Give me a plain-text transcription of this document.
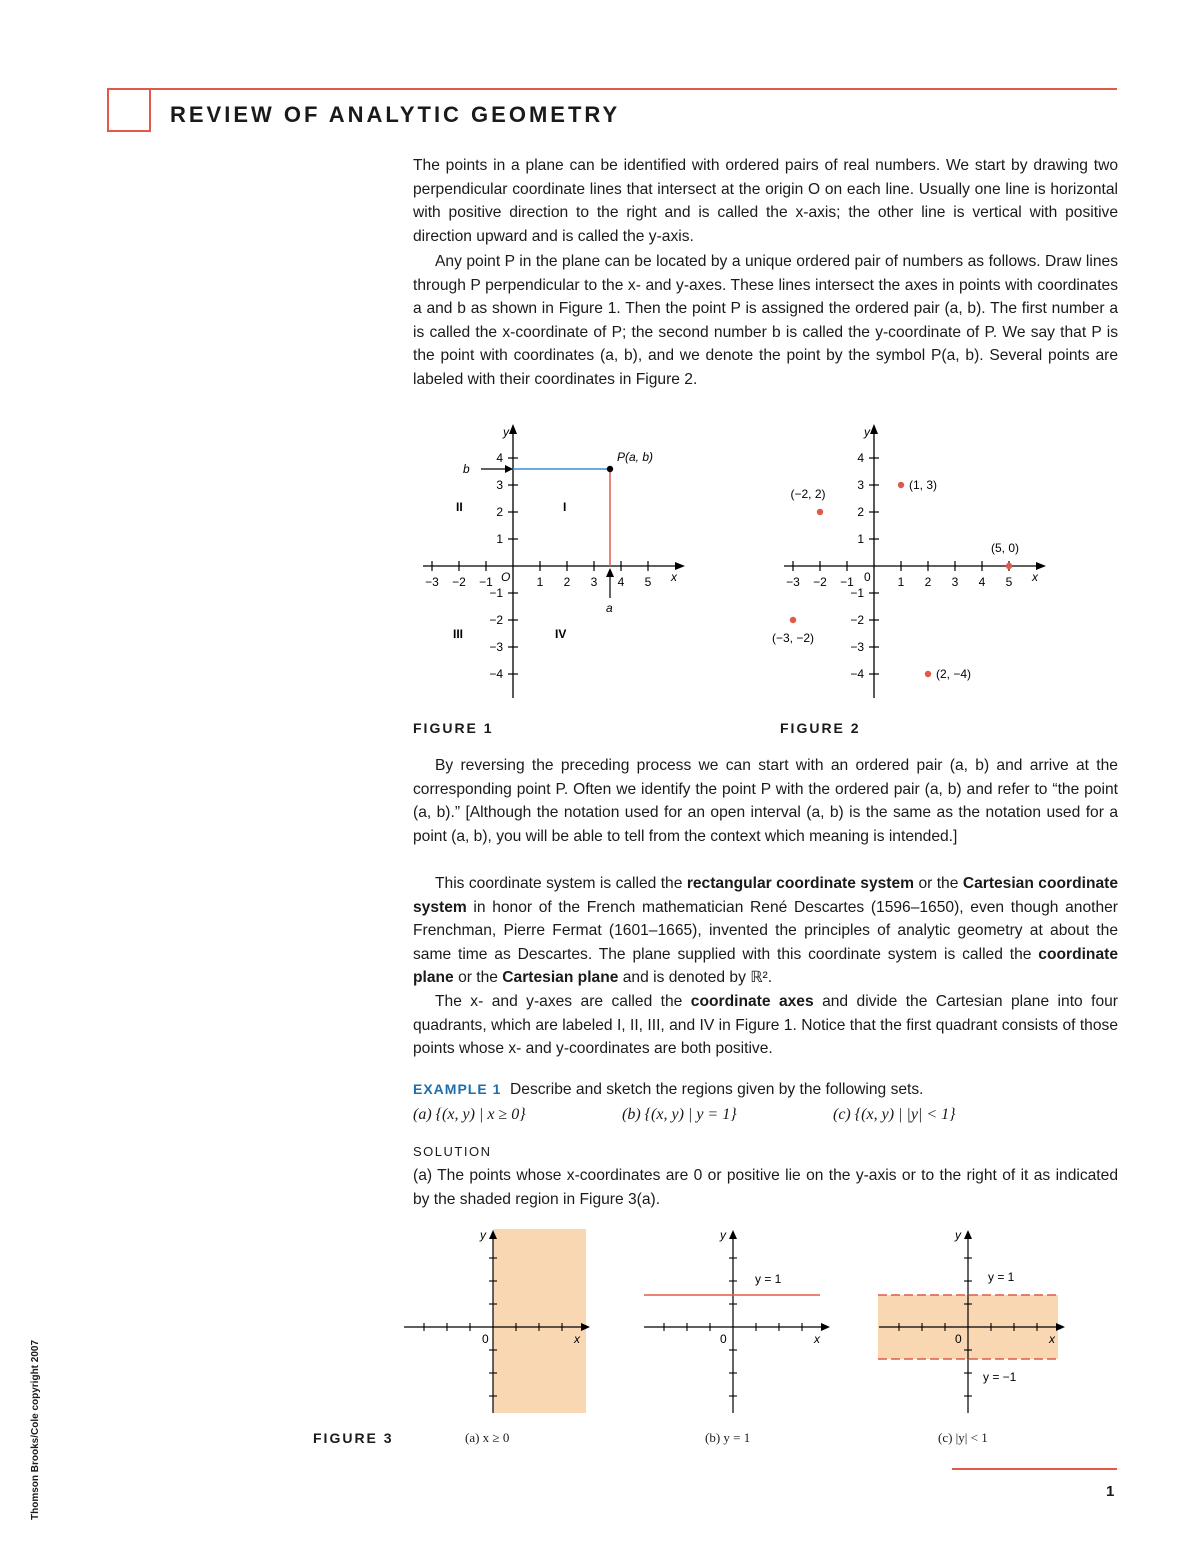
REVIEW OF ANALYTIC GEOMETRY
The points in a plane can be identified with ordered pairs of real numbers. We start by drawing two perpendicular coordinate lines that intersect at the origin O on each line. Usually one line is horizontal with positive direction to the right and is called the x-axis; the other line is vertical with positive direction upward and is called the y-axis.
Any point P in the plane can be located by a unique ordered pair of numbers as follows. Draw lines through P perpendicular to the x- and y-axes. These lines intersect the axes in points with coordinates a and b as shown in Figure 1. Then the point P is assigned the ordered pair (a, b). The first number a is called the x-coordinate of P; the second number b is called the y-coordinate of P. We say that P is the point with coordinates (a, b), and we denote the point by the symbol P(a, b). Several points are labeled with their coordinates in Figure 2.
P(a, b)
b
a
I
II
III	IV
x
y
O
−3 −2 −1	1 2 3 4 5
4
3
2
1
−1
−2
−3
−4
FIGURE 1
(1, 3)
(−2, 2)
(5, 0)
(−3, −2)
(2, −4)
x
y
0
−3 −2 −1	1 2 3 4 5
4
3
2
1
−1
−2
−3
−4
FIGURE 2
By reversing the preceding process we can start with an ordered pair (a, b) and arrive at the corresponding point P. Often we identify the point P with the ordered pair (a, b) and refer to “the point (a, b).” [Although the notation used for an open interval (a, b) is the same as the notation used for a point (a, b), you will be able to tell from the context which meaning is intended.]
This coordinate system is called the rectangular coordinate system or the Cartesian coordinate system in honor of the French mathematician René Descartes (1596–1650), even though another Frenchman, Pierre Fermat (1601–1665), invented the principles of analytic geometry at about the same time as Descartes. The plane supplied with this coordinate system is called the coordinate plane or the Cartesian plane and is denoted by ℝ².
The x- and y-axes are called the coordinate axes and divide the Cartesian plane into four quadrants, which are labeled I, II, III, and IV in Figure 1. Notice that the first quadrant consists of those points whose x- and y-coordinates are both positive.
EXAMPLE 1 Describe and sketch the regions given by the following sets.
(a) {(x, y) | x ≥ 0}	(b) {(x, y) | y = 1}	(c) {(x, y) | |y| < 1}
SOLUTION
(a) The points whose x-coordinates are 0 or positive lie on the y-axis or to the right of it as indicated by the shaded region in Figure 3(a).
x
y
0
(a) x ≥ 0
y = 1
x
y
0
(b) y = 1
y = 1
y = −1
x
y
0
(c) |y| < 1
FIGURE 3
1
Thomson Brooks/Cole copyright 2007
